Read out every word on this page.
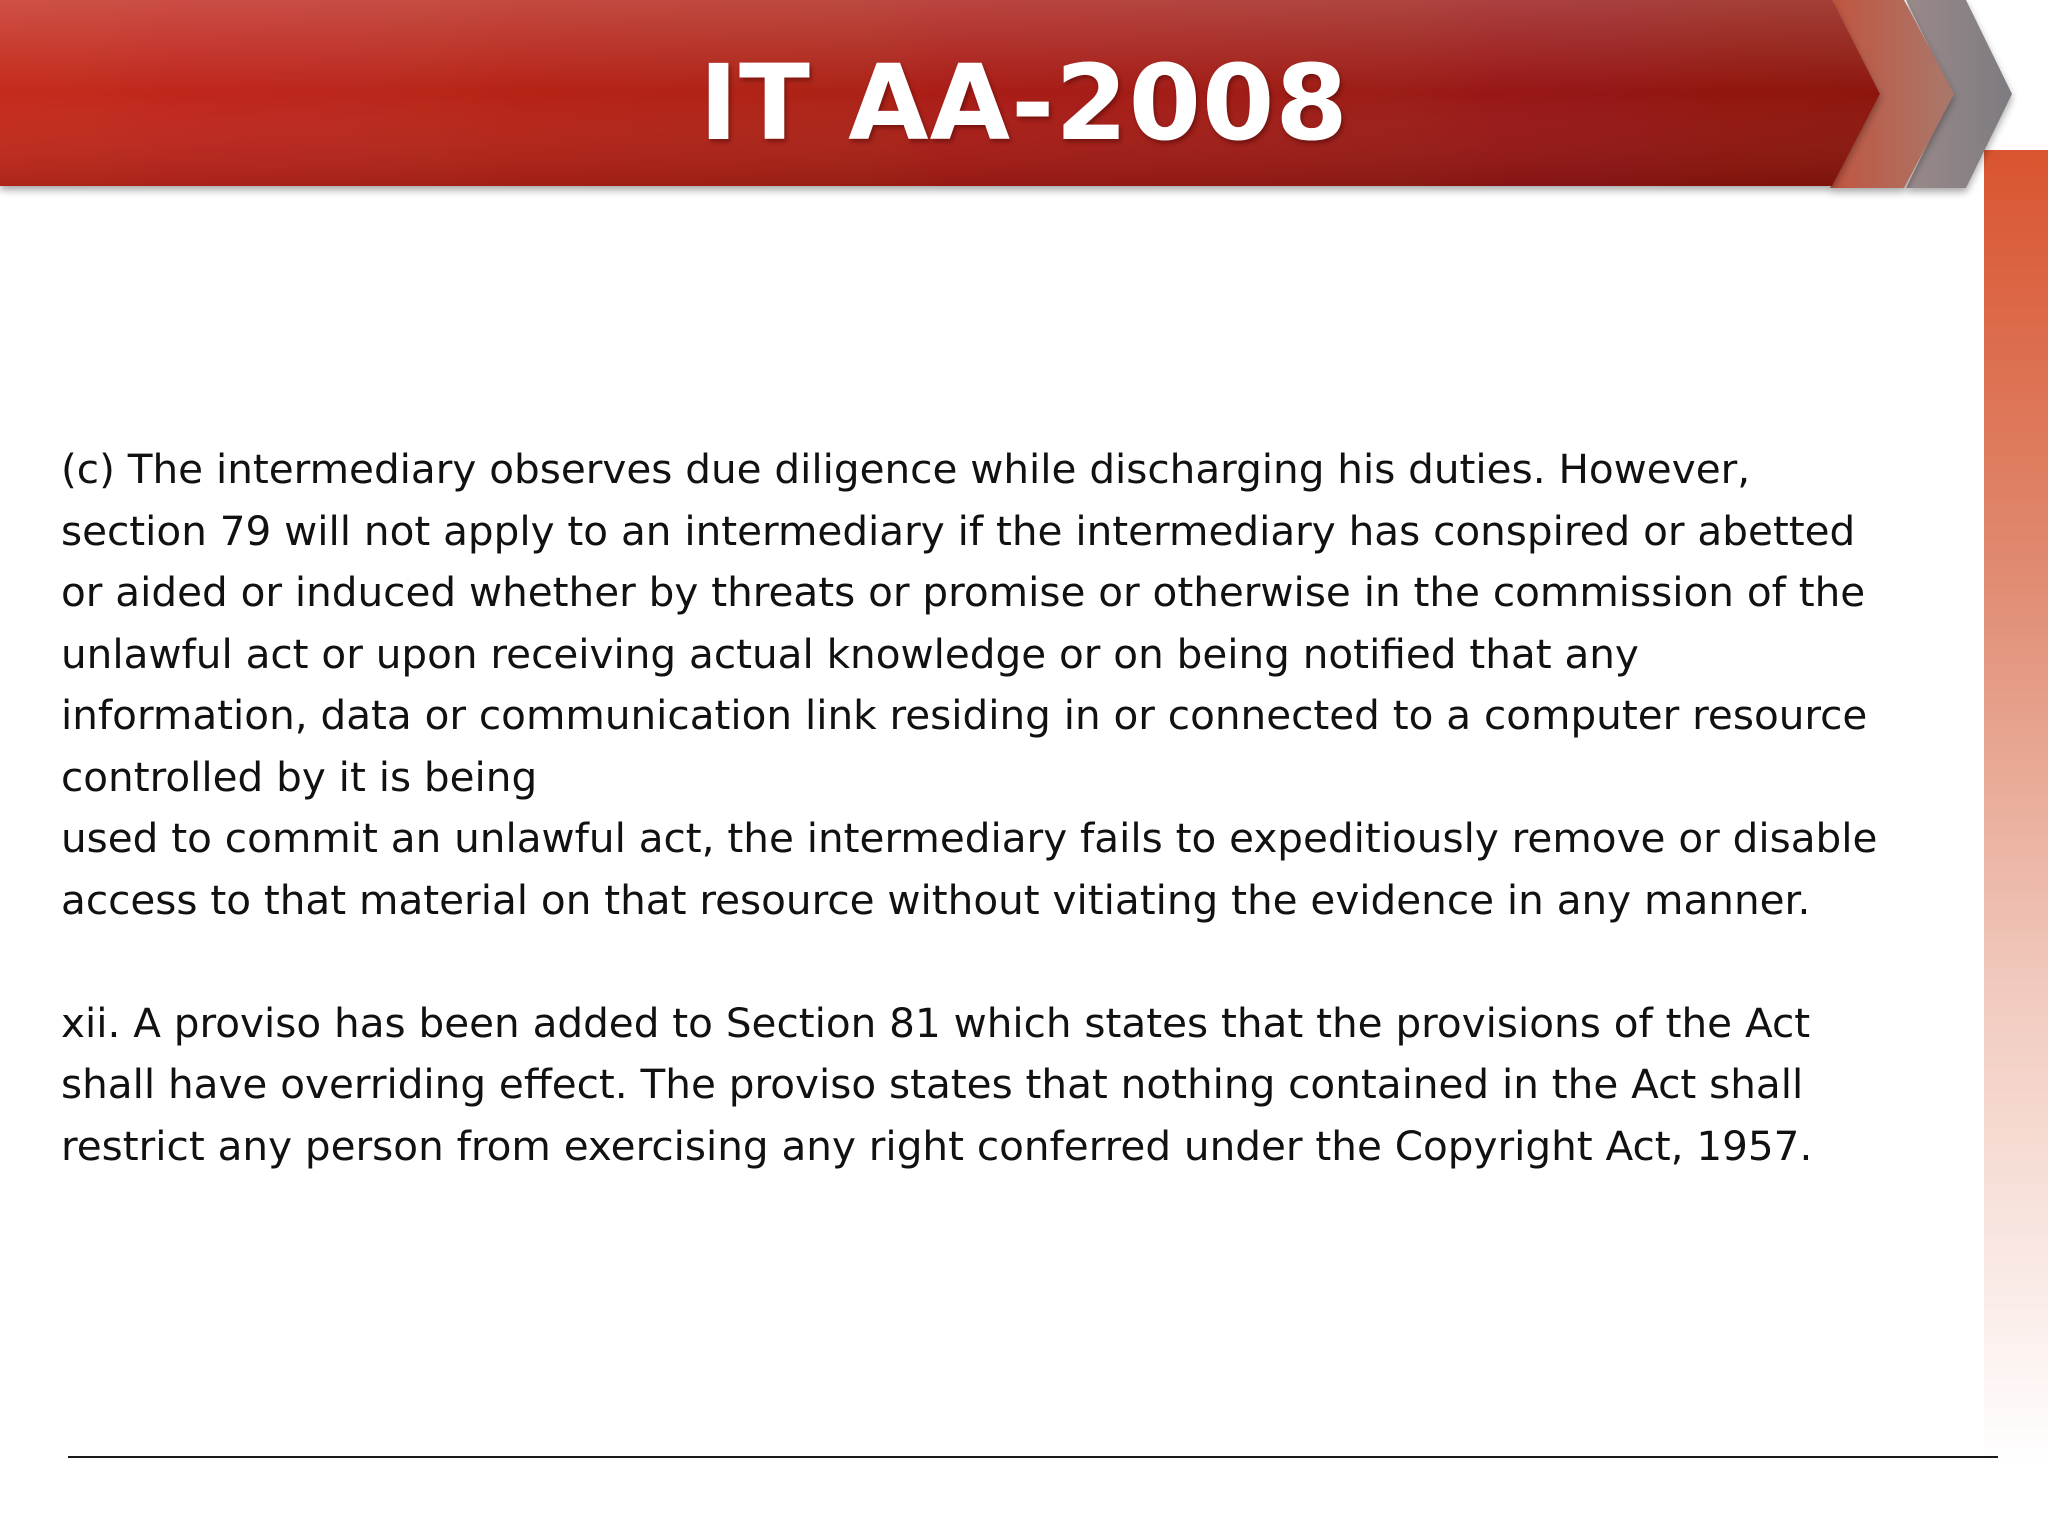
IT AA-2008

(c) The intermediary observes due diligence while discharging his duties. However,

section 79 will not apply to an intermediary if the intermediary has conspired or abetted

or aided or induced whether by threats or promise or otherwise in the commission of the

unlawful act or upon receiving actual knowledge or on being notified that any

information, data or communication link residing in or connected to a computer resource

controlled by it is being

used to commit an unlawful act, the intermediary fails to expeditiously remove or disable

access to that material on that resource without vitiating the evidence in any manner.

xii. A proviso has been added to Section 81 which states that the provisions of the Act

shall have overriding effect. The proviso states that nothing contained in the Act shall

restrict any person from exercising any right conferred under the Copyright Act, 1957.
